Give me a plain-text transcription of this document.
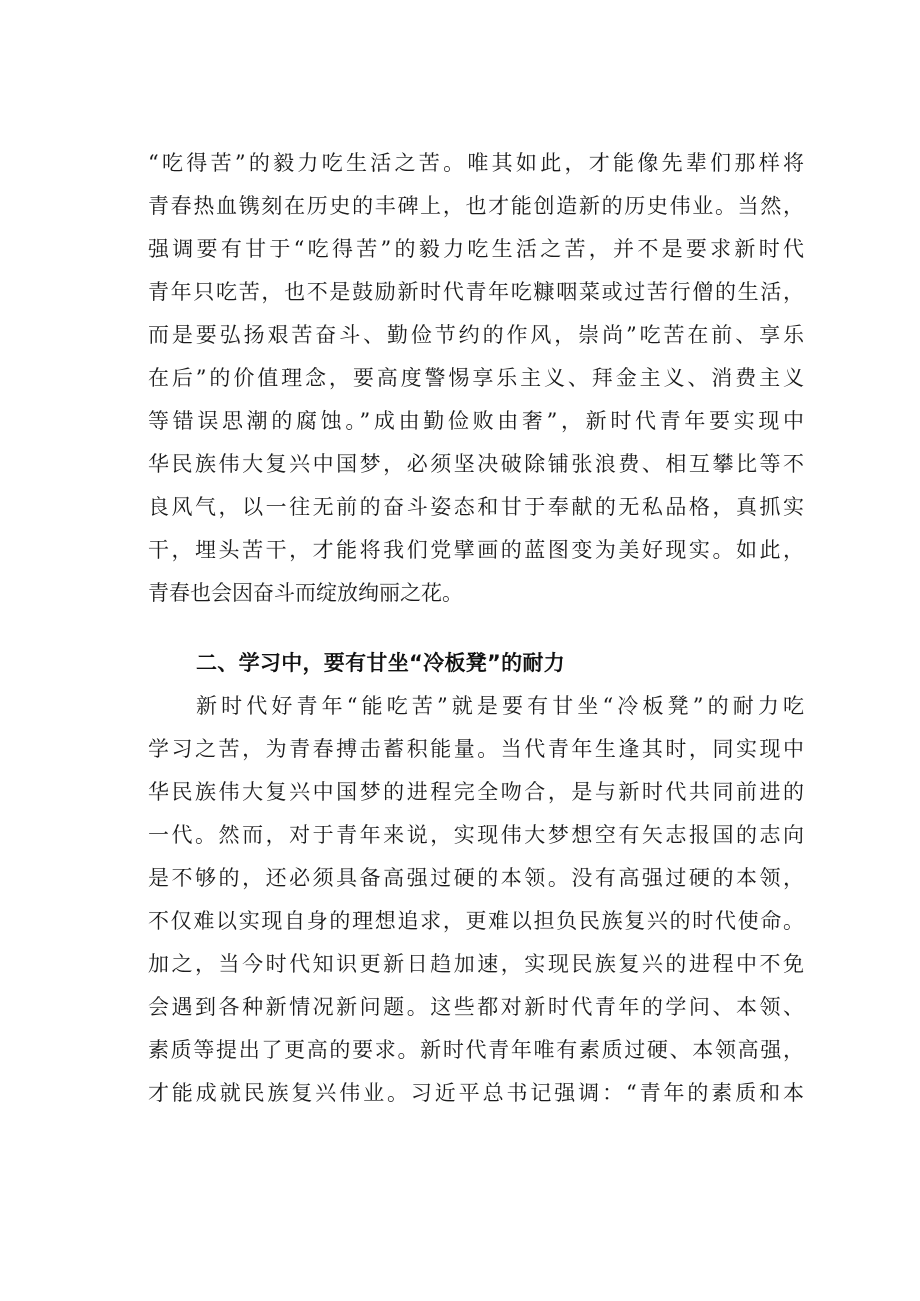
“吃得苦”的毅力吃生活之苦。唯其如此，才能像先辈们那样将
青春热血镌刻在历史的丰碑上，也才能创造新的历史伟业。当然，
强调要有甘于“吃得苦”的毅力吃生活之苦，并不是要求新时代
青年只吃苦，也不是鼓励新时代青年吃糠咽菜或过苦行僧的生活，
而是要弘扬艰苦奋斗、勤俭节约的作风，崇尚”吃苦在前、享乐
在后”的价值理念，要高度警惕享乐主义、拜金主义、消费主义
等错误思潮的腐蚀。”成由勤俭败由奢”，新时代青年要实现中
华民族伟大复兴中国梦，必须坚决破除铺张浪费、相互攀比等不
良风气，以一往无前的奋斗姿态和甘于奉献的无私品格，真抓实
干，埋头苦干，才能将我们党擘画的蓝图变为美好现实。如此，
青春也会因奋斗而绽放绚丽之花。
二、学习中，要有甘坐“冷板凳”的耐力
新时代好青年“能吃苦”就是要有甘坐“冷板凳”的耐力吃
学习之苦，为青春搏击蓄积能量。当代青年生逢其时，同实现中
华民族伟大复兴中国梦的进程完全吻合，是与新时代共同前进的
一代。然而，对于青年来说，实现伟大梦想空有矢志报国的志向
是不够的，还必须具备高强过硬的本领。没有高强过硬的本领，
不仅难以实现自身的理想追求，更难以担负民族复兴的时代使命。
加之，当今时代知识更新日趋加速，实现民族复兴的进程中不免
会遇到各种新情况新问题。这些都对新时代青年的学问、本领、
素质等提出了更高的要求。新时代青年唯有素质过硬、本领高强，
才能成就民族复兴伟业。习近平总书记强调：“青年的素质和本
